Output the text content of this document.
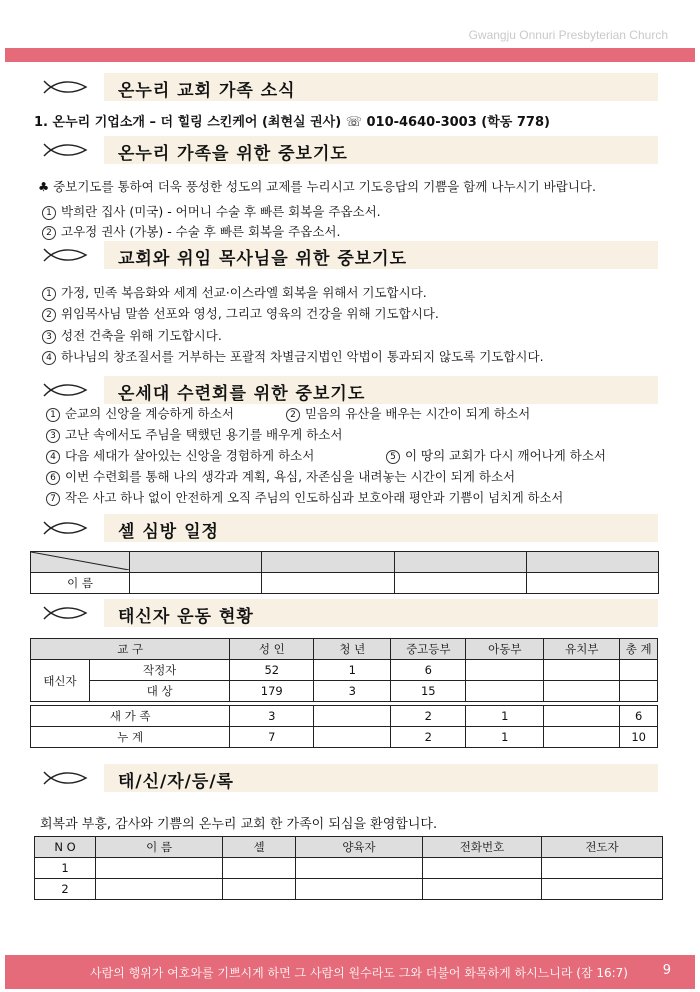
Gwangju Onnuri Presbyterian Church
온누리 교회 가족 소식
1. 온누리 기업소개 – 더 힐링 스킨케어 (최현실 권사) ☏ 010-4640-3003 (학동 778)
온누리 가족을 위한 중보기도
♣ 중보기도를 통하여 더욱 풍성한 성도의 교제를 누리시고 기도응답의 기쁨을 함께 나누시기 바랍니다.
1 박희란 집사 (미국) - 어머니 수술 후 빠른 회복을 주옵소서.
2 고우정 권사 (가봉) - 수술 후 빠른 회복을 주옵소서.
교회와 위임 목사님을 위한 중보기도
1 가정, 민족 복음화와 세계 선교·이스라엘 회복을 위해서 기도합시다.
2 위임목사님 말씀 선포와 영성, 그리고 영육의 건강을 위해 기도합시다.
3 성전 건축을 위해 기도합시다.
4 하나님의 창조질서를 거부하는 포괄적 차별금지법인 악법이 통과되지 않도록 기도합시다.
온세대 수련회를 위한 중보기도
1 순교의 신앙을 계승하게 하소서	2 믿음의 유산을 배우는 시간이 되게 하소서
3 고난 속에서도 주님을 택했던 용기를 배우게 하소서
4 다음 세대가 살아있는 신앙을 경험하게 하소서	5 이 땅의 교회가 다시 깨어나게 하소서
6 이번 수련회를 통해 나의 생각과 계획, 욕심, 자존심을 내려놓는 시간이 되게 하소서
7 작은 사고 하나 없이 안전하게 오직 주님의 인도하심과 보호아래 평안과 기쁨이 넘치게 하소서
셀 심방 일정

이 름				
태신자 운동 현황
교 구		성 인	청 년	중고등부	아동부	유치부	총 계
태신자	작정자	52	1	6			
	대 상	179	3	15			

새 가 족		3		2	1		6
누 계		7		2	1		10
태/신/자/등/록
회복과 부흥, 감사와 기쁨의 온누리 교회 한 가족이 되심을 환영합니다.
N O	이 름	셀	양육자	전화번호	전도자
1					
2					
사람의 행위가 여호와를 기쁘시게 하면 그 사람의 원수라도 그와 더불어 화목하게 하시느니라 (잠 16:7)	9
